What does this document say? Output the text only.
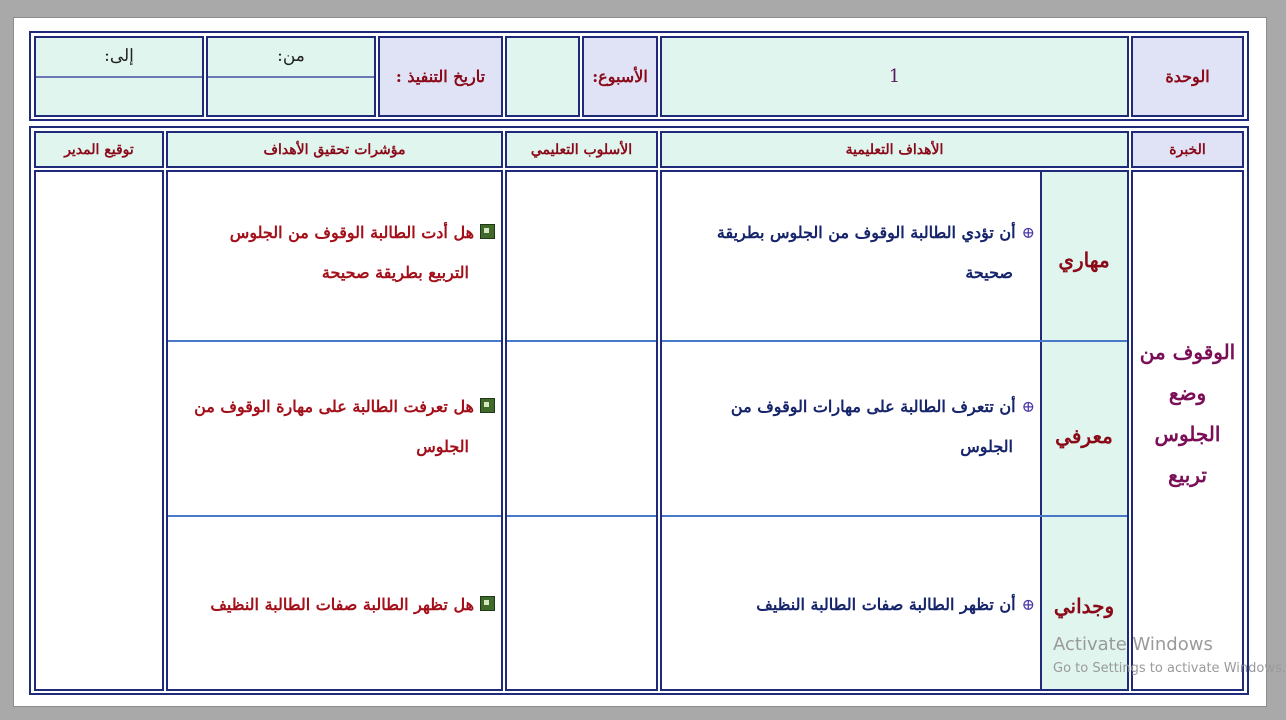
الوحدة
1
الأسبوع:
تاريخ التنفيذ :
من:
إلى:
الخبرة
الأهداف التعليمية
الأسلوب التعليمي
مؤشرات تحقيق الأهداف
توقيع المدير
الوقوف من
وضع
الجلوس
تربيع
مهاري
⊕أن تؤدي الطالبة الوقوف من الجلوس بطريقة
صحيحة
هل أدت الطالبة الوقوف من الجلوس
التربيع بطريقة صحيحة
معرفي
⊕أن تتعرف الطالبة على مهارات الوقوف من
الجلوس
هل تعرفت الطالبة على مهارة الوقوف من
الجلوس
وجداني
⊕أن تظهر الطالبة صفات الطالبة النظيف
هل تظهر الطالبة صفات الطالبة النظيف
Activate Windows
Go to Settings to activate Windows.
